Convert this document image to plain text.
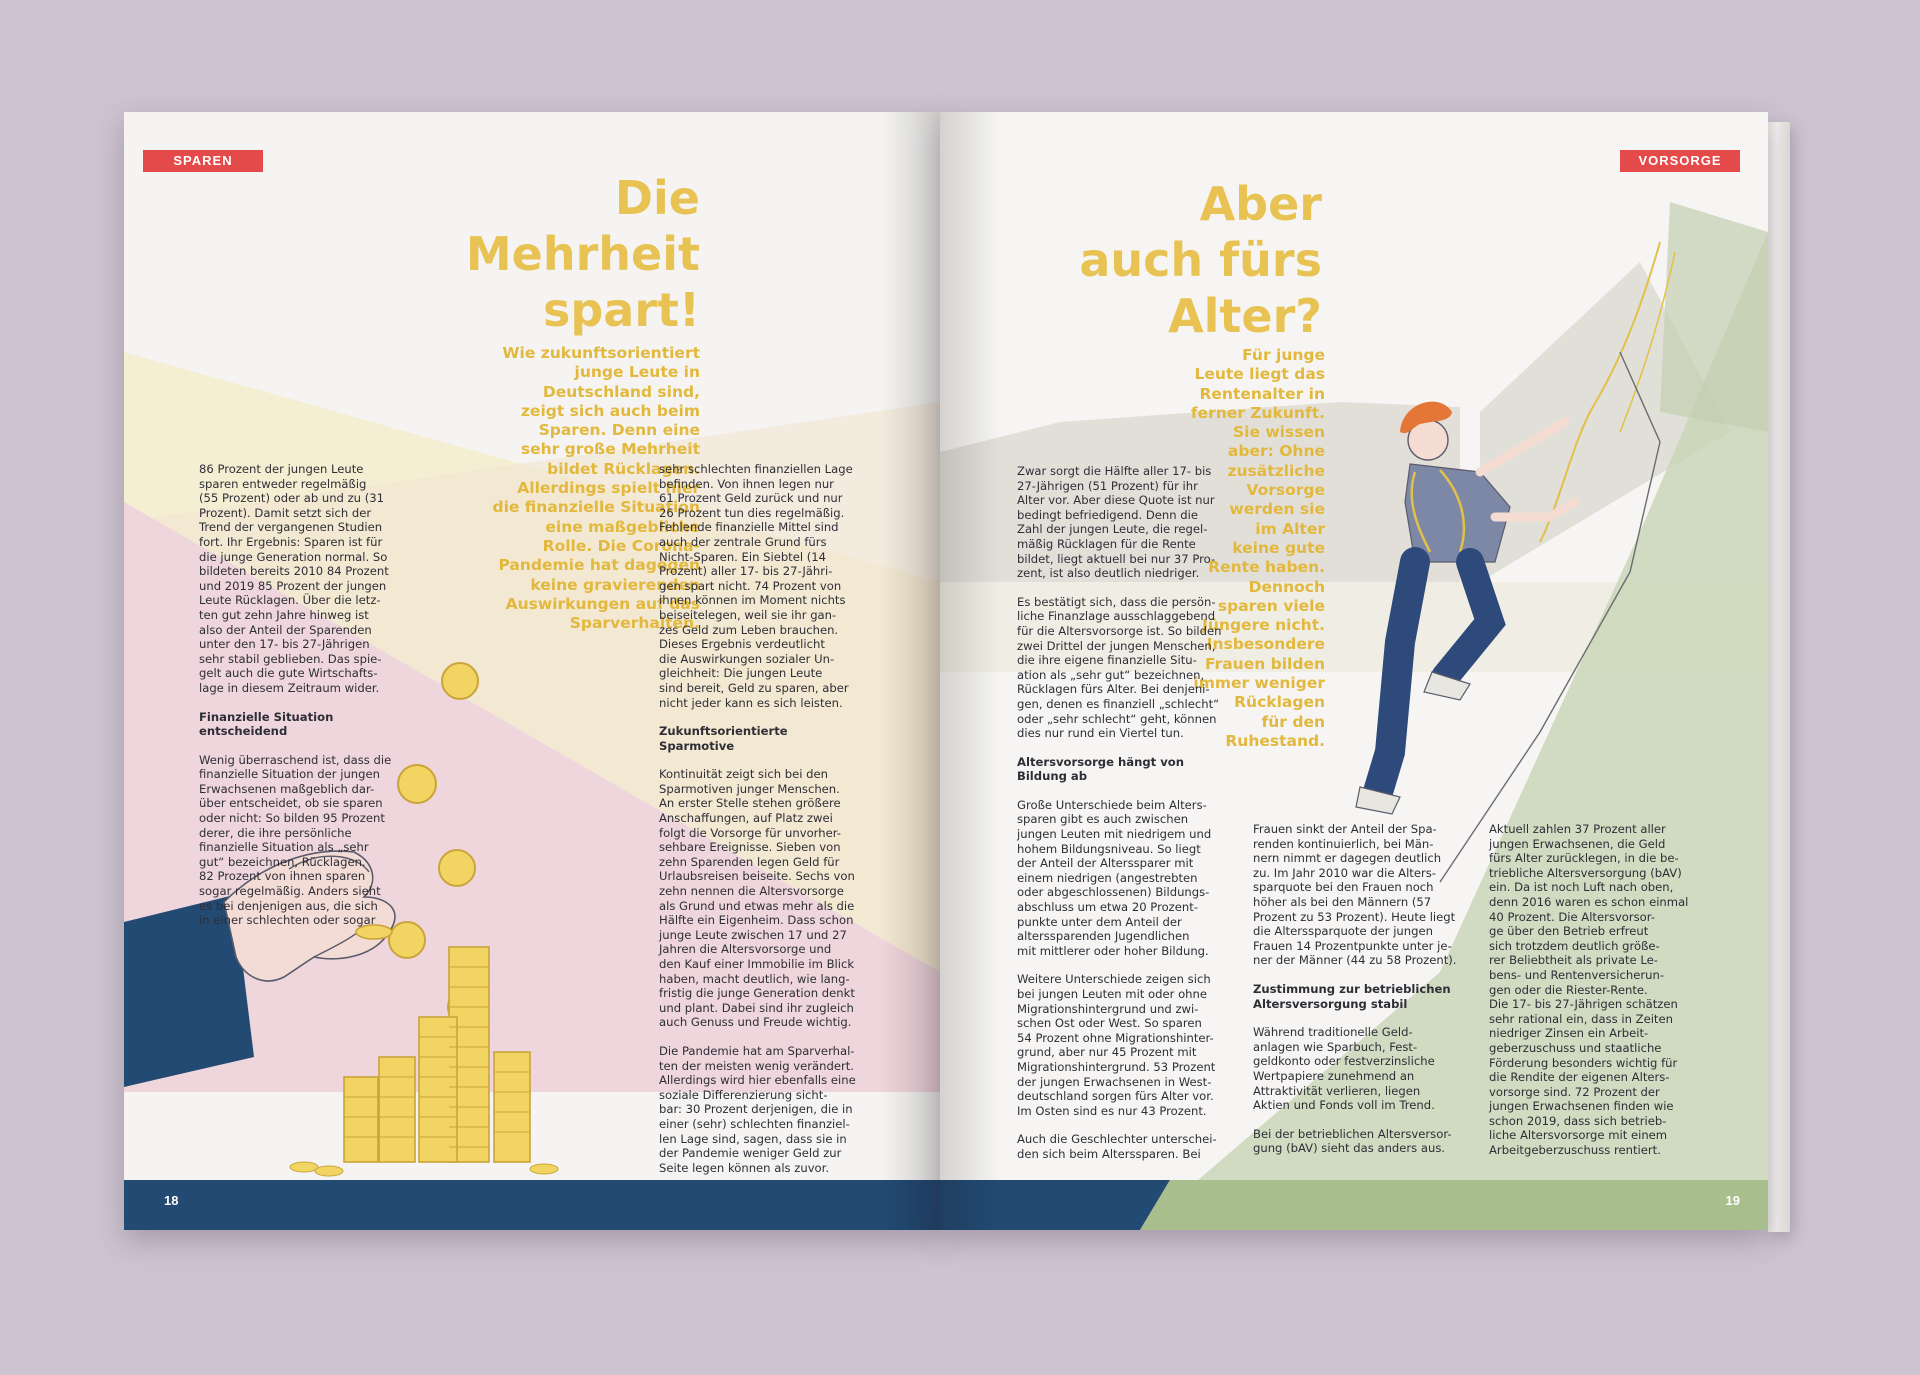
SPAREN
Die
Mehrheit
spart!
Wie zukunftsorientiert
junge Leute in
Deutschland sind,
zeigt sich auch beim
Sparen. Denn eine
sehr große Mehrheit
bildet Rücklagen.
Allerdings spielt hier
die finanzielle Situation
eine maßgebliche
Rolle. Die Corona-
Pandemie hat dagegen
keine gravierenden
Auswirkungen auf das
Sparverhalten.

86 Prozent der jungen Leute
sparen entweder regelmäßig
(55 Prozent) oder ab und zu (31
Prozent). Damit setzt sich der
Trend der vergangenen Studien
fort. Ihr Ergebnis: Sparen ist für
die junge Generation normal. So
bildeten bereits 2010 84 Prozent
und 2019 85 Prozent der jungen
Leute Rücklagen. Über die letz-
ten gut zehn Jahre hinweg ist
also der Anteil der Sparenden
unter den 17- bis 27-Jährigen
sehr stabil geblieben. Das spie-
gelt auch die gute Wirtschafts-
lage in diesem Zeitraum wider.

Finanzielle Situation entscheidend

Wenig überraschend ist, dass die
finanzielle Situation der jungen
Erwachsenen maßgeblich dar-
über entscheidet, ob sie sparen
oder nicht: So bilden 95 Prozent
derer, die ihre persönliche
finanzielle Situation als „sehr
gut“ bezeichnen, Rücklagen.
82 Prozent von ihnen sparen
sogar regelmäßig. Anders sieht
es bei denjenigen aus, die sich
in einer schlechten oder sogar

sehr schlechten finanziellen Lage
befinden. Von ihnen legen nur
61 Prozent Geld zurück und nur
26 Prozent tun dies regelmäßig.
Fehlende finanzielle Mittel sind
auch der zentrale Grund fürs
Nicht-Sparen. Ein Siebtel (14
Prozent) aller 17- bis 27-Jähri-
gen spart nicht. 74 Prozent von
ihnen können im Moment nichts
beiseitelegen, weil sie ihr gan-
zes Geld zum Leben brauchen.
Dieses Ergebnis verdeutlicht
die Auswirkungen sozialer Un-
gleichheit: Die jungen Leute
sind bereit, Geld zu sparen, aber
nicht jeder kann es sich leisten.

Zukunftsorientierte Sparmotive

Kontinuität zeigt sich bei den
Sparmotiven junger Menschen.
An erster Stelle stehen größere
Anschaffungen, auf Platz zwei
folgt die Vorsorge für unvorher-
sehbare Ereignisse. Sieben von
zehn Sparenden legen Geld für
Urlaubsreisen beiseite. Sechs von
zehn nennen die Altersvorsorge
als Grund und etwas mehr als die
Hälfte ein Eigenheim. Dass schon
junge Leute zwischen 17 und 27
Jahren die Altersvorsorge und
den Kauf einer Immobilie im Blick
haben, macht deutlich, wie lang-
fristig die junge Generation denkt
und plant. Dabei sind ihr zugleich
auch Genuss und Freude wichtig.

Die Pandemie hat am Sparverhal-
ten der meisten wenig verändert.
Allerdings wird hier ebenfalls eine
soziale Differenzierung sicht-
bar: 30 Prozent derjenigen, die in
einer (sehr) schlechten finanziel-
len Lage sind, sagen, dass sie in
der Pandemie weniger Geld zur
Seite legen können als zuvor.

18
VORSORGE
Aber
auch fürs
Alter?
Für junge
Leute liegt das
Rentenalter in
ferner Zukunft.
Sie wissen
aber: Ohne
zusätzliche
Vorsorge
werden sie
im Alter
keine gute
Rente haben.
Dennoch
sparen viele
Jüngere nicht.
Insbesondere
Frauen bilden
immer weniger
Rücklagen
für den
Ruhestand.

Zwar sorgt die Hälfte aller 17- bis
27-Jährigen (51 Prozent) für ihr
Alter vor. Aber diese Quote ist nur
bedingt befriedigend. Denn die
Zahl der jungen Leute, die regel-
mäßig Rücklagen für die Rente
bildet, liegt aktuell bei nur 37 Pro-
zent, ist also deutlich niedriger.

Es bestätigt sich, dass die persön-
liche Finanzlage ausschlaggebend
für die Altersvorsorge ist. So bilden
zwei Drittel der jungen Menschen,
die ihre eigene finanzielle Situ-
ation als „sehr gut“ bezeichnen,
Rücklagen fürs Alter. Bei denjeni-
gen, denen es finanziell „schlecht“
oder „sehr schlecht“ geht, können
dies nur rund ein Viertel tun.

Altersvorsorge hängt von
Bildung ab

Große Unterschiede beim Alters-
sparen gibt es auch zwischen
jungen Leuten mit niedrigem und
hohem Bildungsniveau. So liegt
der Anteil der Alterssparer mit
einem niedrigen (angestrebten
oder abgeschlossenen) Bildungs-
abschluss um etwa 20 Prozent-
punkte unter dem Anteil der
alterssparenden Jugendlichen
mit mittlerer oder hoher Bildung.

Weitere Unterschiede zeigen sich
bei jungen Leuten mit oder ohne
Migrationshintergrund und zwi-
schen Ost oder West. So sparen
54 Prozent ohne Migrationshinter-
grund, aber nur 45 Prozent mit
Migrationshintergrund. 53 Prozent
der jungen Erwachsenen in West-
deutschland sorgen fürs Alter vor.
Im Osten sind es nur 43 Prozent.

Auch die Geschlechter unterschei-
den sich beim Alterssparen. Bei

Frauen sinkt der Anteil der Spa-
renden kontinuierlich, bei Män-
nern nimmt er dagegen deutlich
zu. Im Jahr 2010 war die Alters-
sparquote bei den Frauen noch
höher als bei den Männern (57
Prozent zu 53 Prozent). Heute liegt
die Alterssparquote der jungen
Frauen 14 Prozentpunkte unter je-
ner der Männer (44 zu 58 Prozent).

Zustimmung zur betrieblichen
Altersversorgung stabil

Während traditionelle Geld-
anlagen wie Sparbuch, Fest-
geldkonto oder festverzinsliche
Wertpapiere zunehmend an
Attraktivität verlieren, liegen
Aktien und Fonds voll im Trend.

Bei der betrieblichen Altersversor-
gung (bAV) sieht das anders aus.

Aktuell zahlen 37 Prozent aller
jungen Erwachsenen, die Geld
fürs Alter zurücklegen, in die be-
triebliche Altersversorgung (bAV)
ein. Da ist noch Luft nach oben,
denn 2016 waren es schon einmal
40 Prozent. Die Altersvorsor-
ge über den Betrieb erfreut
sich trotzdem deutlich größe-
rer Beliebtheit als private Le-
bens- und Rentenversicherun-
gen oder die Riester-Rente.
Die 17- bis 27-Jährigen schätzen
sehr rational ein, dass in Zeiten
niedriger Zinsen ein Arbeit-
geberzuschuss und staatliche
Förderung besonders wichtig für
die Rendite der eigenen Alters-
vorsorge sind. 72 Prozent der
jungen Erwachsenen finden wie
schon 2019, dass sich betrieb-
liche Altersvorsorge mit einem
Arbeitgeberzuschuss rentiert.

19
